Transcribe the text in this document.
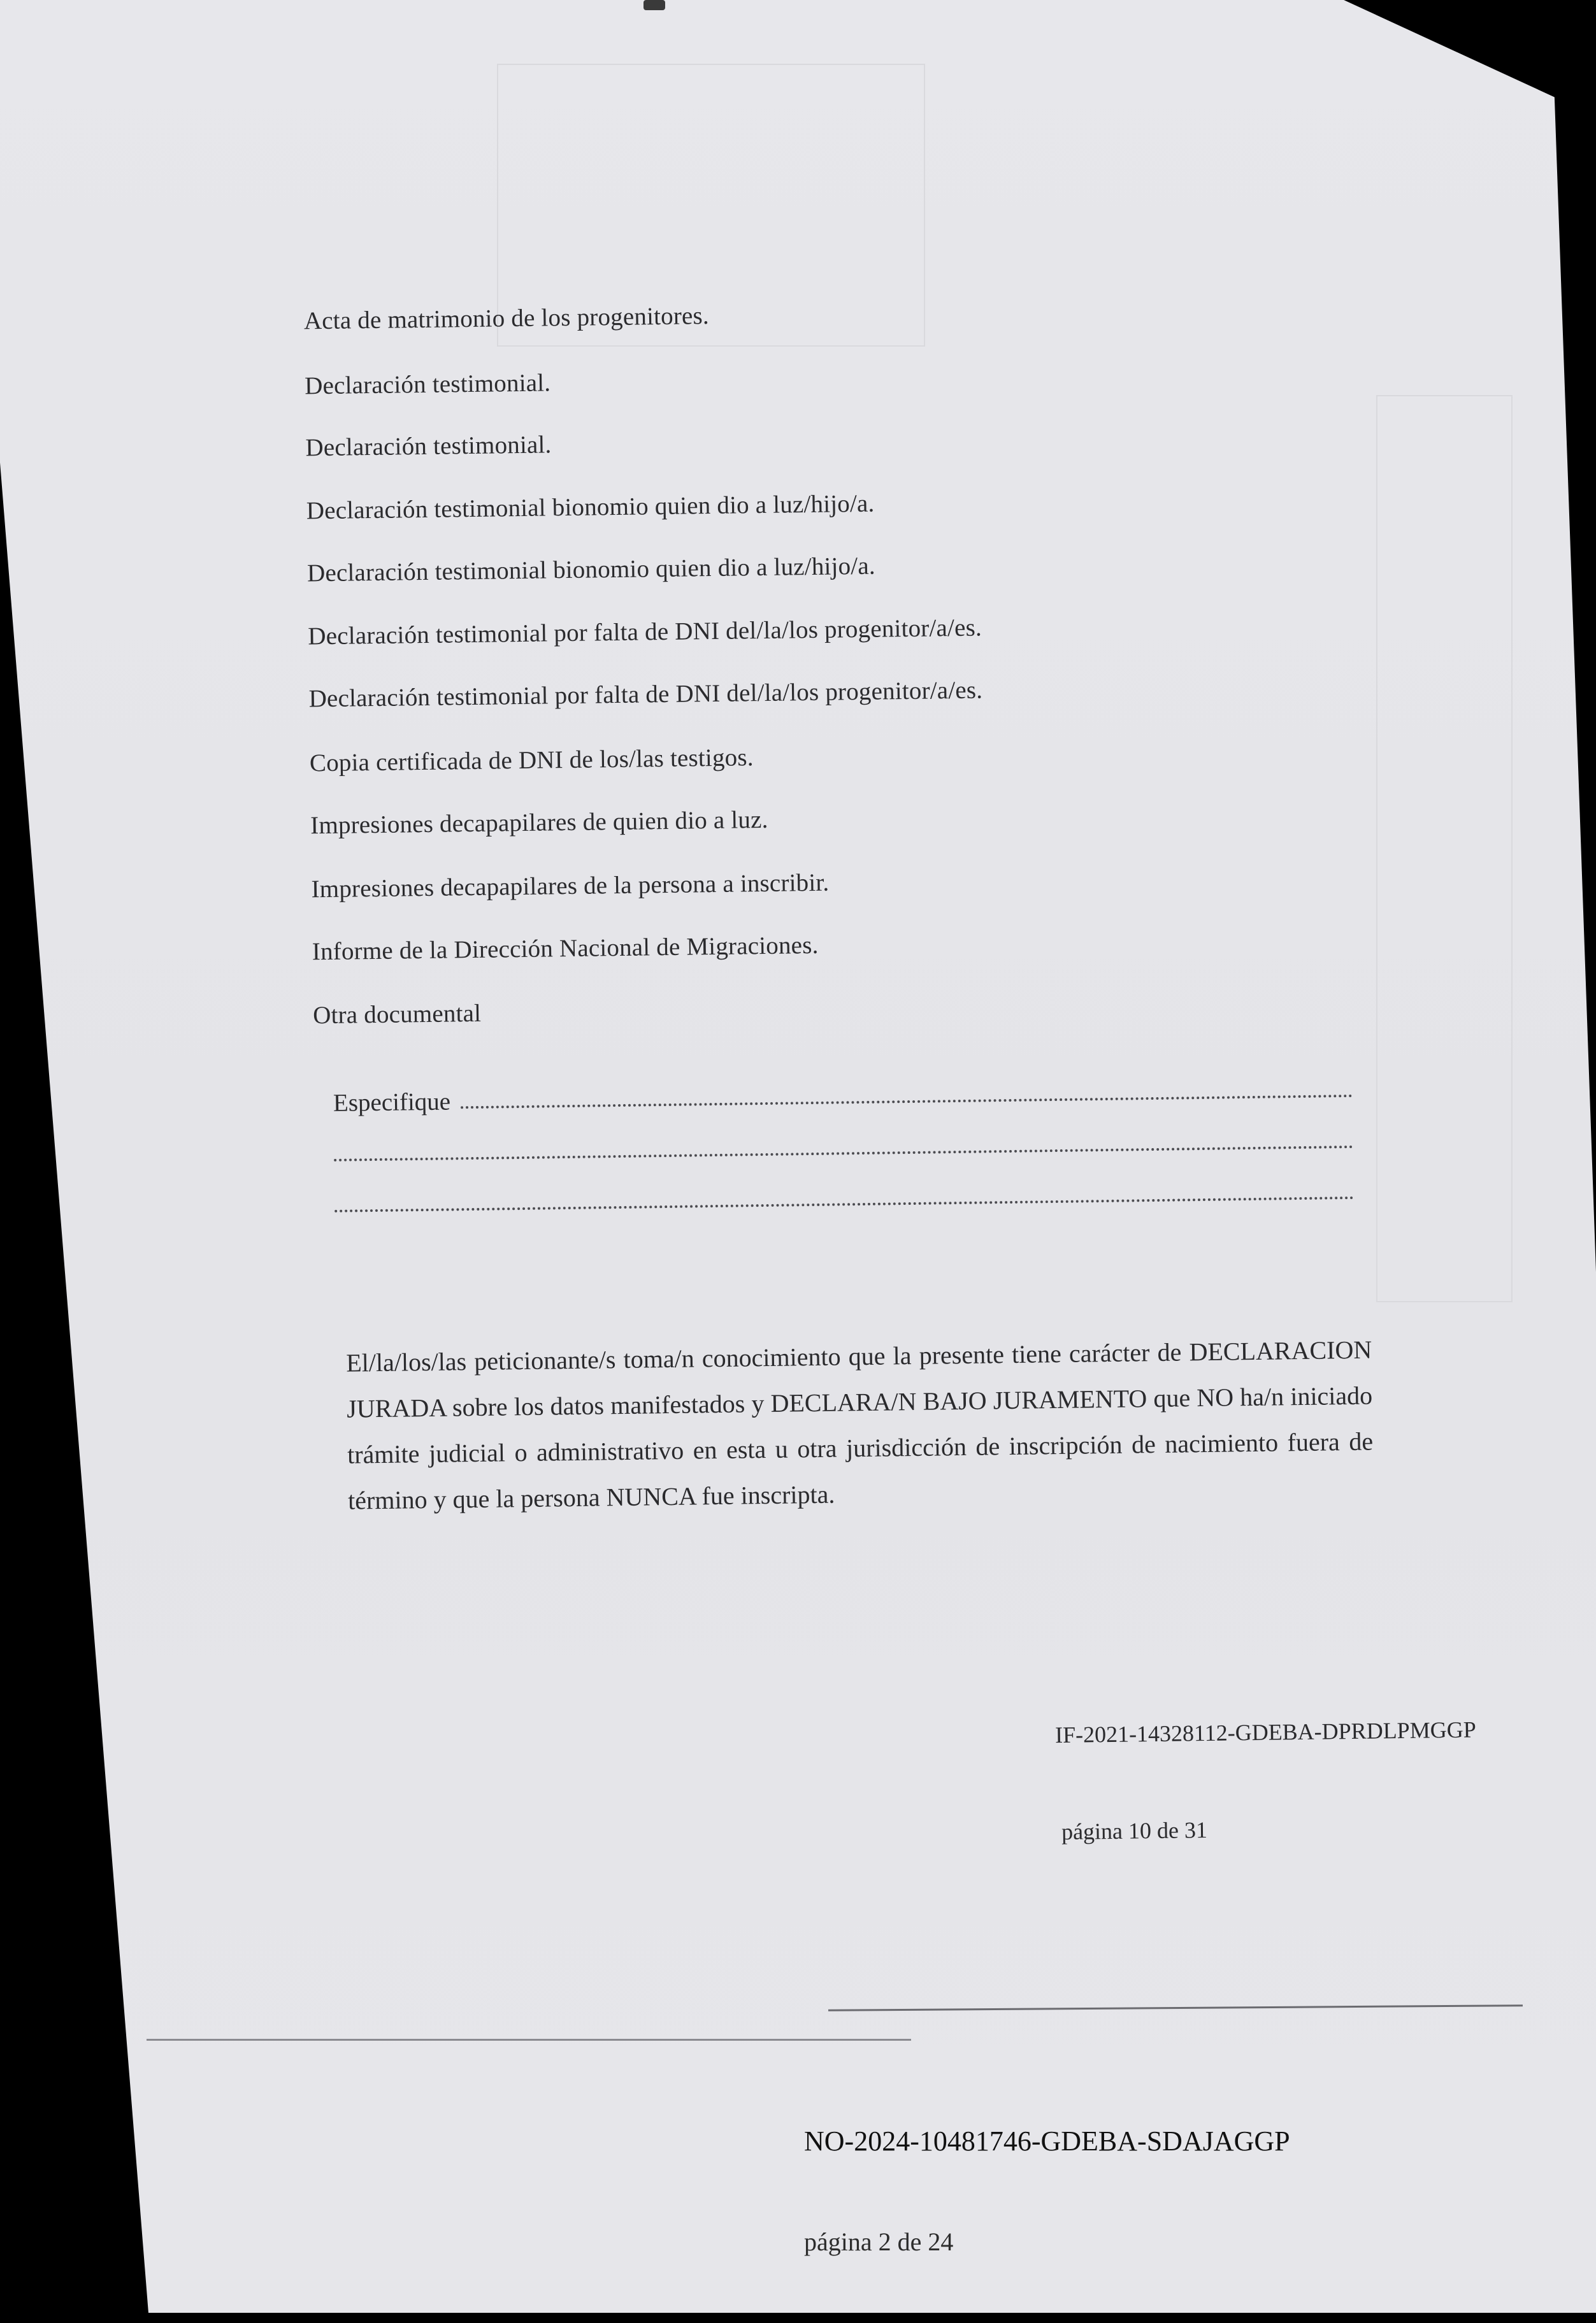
Acta de matrimonio de los progenitores.
Declaración testimonial.
Declaración testimonial.
Declaración testimonial bionomio quien dio a luz/hijo/a.
Declaración testimonial bionomio quien dio a luz/hijo/a.
Declaración testimonial por falta de DNI del/la/los progenitor/a/es.
Declaración testimonial por falta de DNI del/la/los progenitor/a/es.
Copia certificada de DNI de los/las testigos.
Impresiones decapapilares de quien dio a luz.
Impresiones decapapilares de la persona a inscribir.
Informe de la Dirección Nacional de Migraciones.
Otra documental
Especifique
El/la/los/las peticionante/s toma/n conocimiento que la presente tiene carácter de DECLARACION JURADA sobre los datos manifestados y DECLARA/N BAJO JURAMENTO que NO ha/n iniciado trámite judicial o administrativo en esta u otra jurisdicción de inscripción de nacimiento fuera de término y que la persona NUNCA fue inscripta.
IF-2021-14328112-GDEBA-DPRDLPMGGP
página 10 de 31
NO-2024-10481746-GDEBA-SDAJAGGP
página 2 de 24
